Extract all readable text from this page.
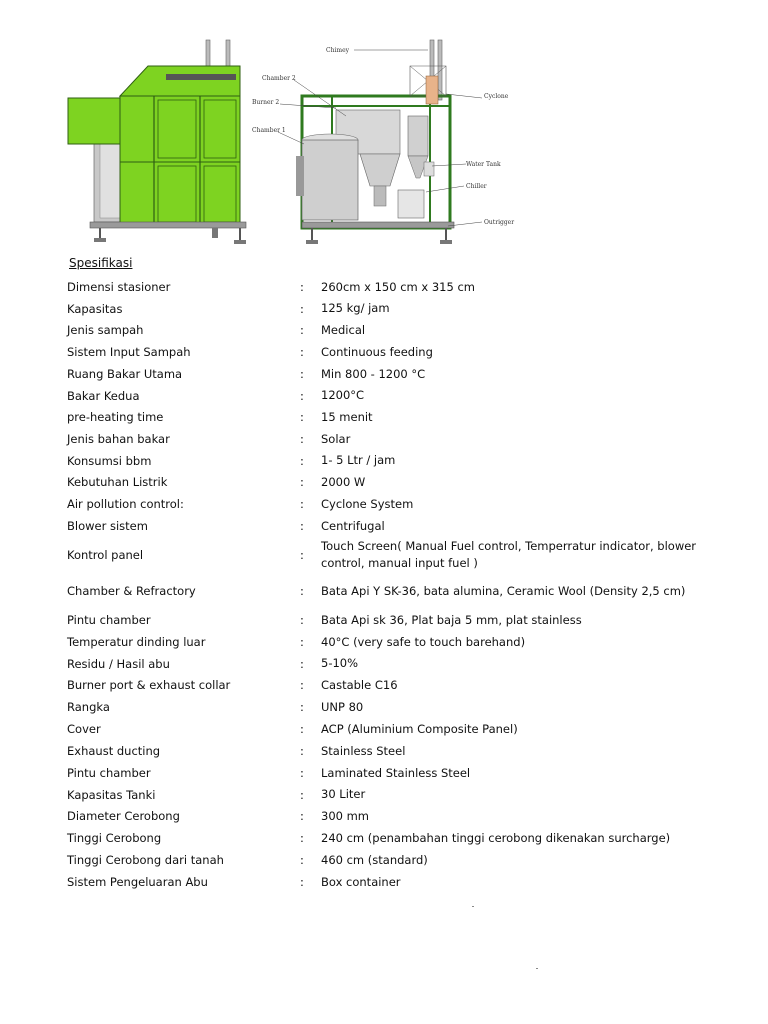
Chimey
Chamber 2
Burner 2
Chamber 1
Cyclone
Water Tank
Chiller
Outrigger
Spesifikasi
Dimensi stasioner	:	260cm x 150 cm x 315 cm
Kapasitas	:	125 kg/ jam
Jenis sampah	:	Medical
Sistem Input Sampah	:	Continuous feeding
Ruang Bakar Utama	:	Min 800 - 1200 °C
Bakar Kedua	:	1200°C
pre-heating time	:	15 menit
Jenis bahan bakar	:	Solar
Konsumsi bbm	:	1- 5 Ltr / jam
Kebutuhan Listrik	:	2000 W
Air pollution control:	:	Cyclone System
Blower sistem	:	Centrifugal
Kontrol panel	:	Touch Screen( Manual Fuel control, Temperratur indicator, blower control, manual input fuel )
Chamber & Refractory	:	Bata Api Y SK-36, bata alumina, Ceramic Wool (Density 2,5 cm)
Pintu chamber	:	Bata Api sk 36, Plat baja 5 mm, plat stainless
Temperatur dinding luar	:	40°C (very safe to touch barehand)
Residu / Hasil abu	:	5-10%
Burner port & exhaust collar	:	Castable C16
Rangka	:	UNP 80
Cover	:	ACP (Aluminium Composite Panel)
Exhaust ducting	:	Stainless Steel
Pintu chamber	:	Laminated Stainless Steel
Kapasitas Tanki	:	30 Liter
Diameter Cerobong	:	300 mm
Tinggi Cerobong	:	240 cm (penambahan tinggi cerobong dikenakan surcharge)
Tinggi Cerobong dari tanah	:	460 cm (standard)
Sistem Pengeluaran Abu	:	Box container
